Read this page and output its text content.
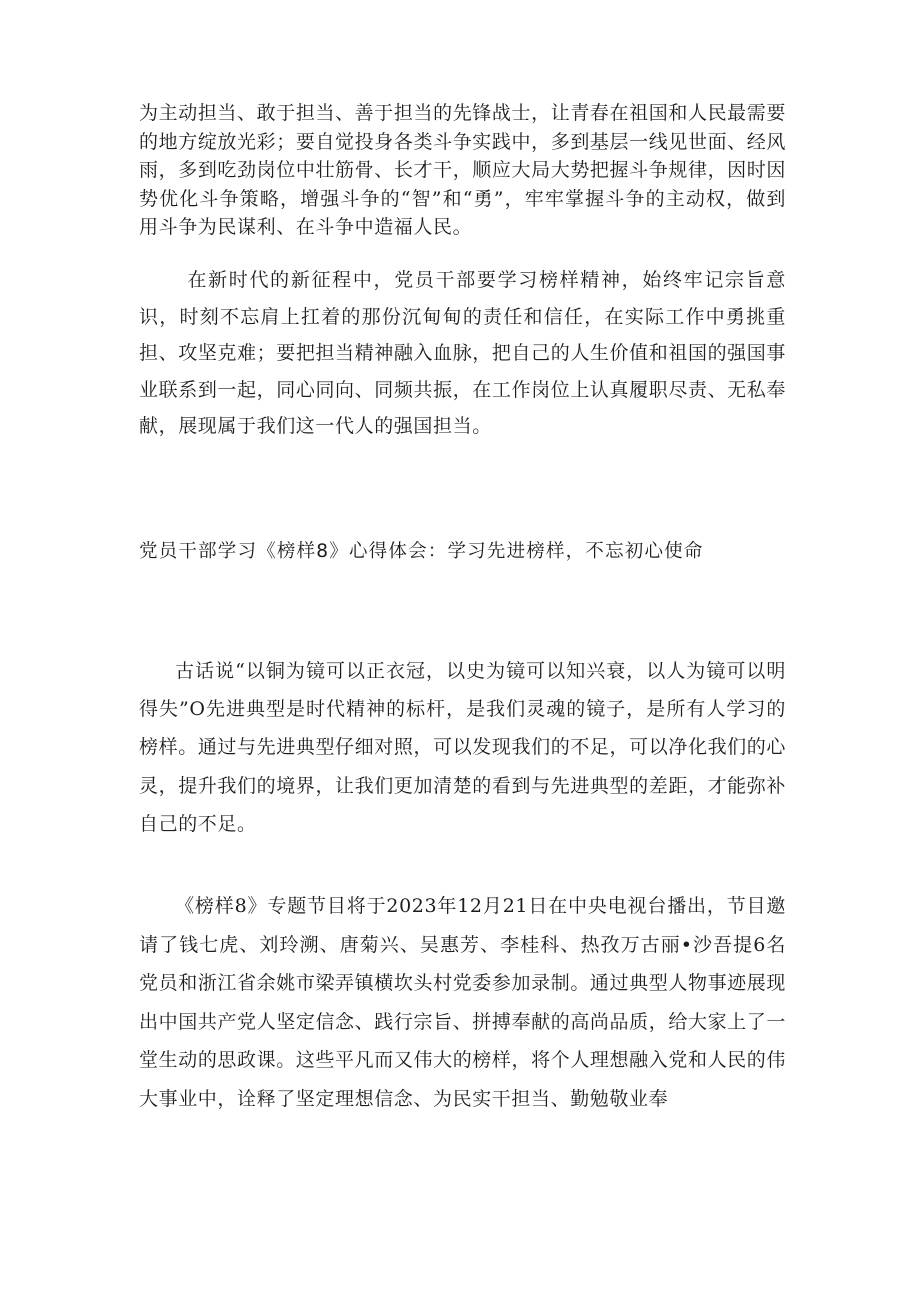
为主动担当、敢于担当、善于担当的先锋战士，让青春在祖国和人民最需要的地方绽放光彩；要自觉投身各类斗争实践中，多到基层一线见世面、经风雨，多到吃劲岗位中壮筋骨、长才干，顺应大局大势把握斗争规律，因时因势优化斗争策略，增强斗争的“智”和“勇”，牢牢掌握斗争的主动权，做到用斗争为民谋利、在斗争中造福人民。

在新时代的新征程中，党员干部要学习榜样精神，始终牢记宗旨意识，时刻不忘肩上扛着的那份沉甸甸的责任和信任，在实际工作中勇挑重担、攻坚克难；要把担当精神融入血脉，把自己的人生价值和祖国的强国事业联系到一起，同心同向、同频共振，在工作岗位上认真履职尽责、无私奉献，展现属于我们这一代人的强国担当。

党员干部学习《榜样8》心得体会：学习先进榜样，不忘初心使命

古话说“以铜为镜可以正衣冠，以史为镜可以知兴衰，以人为镜可以明得失”O先进典型是时代精神的标杆，是我们灵魂的镜子，是所有人学习的榜样。通过与先进典型仔细对照，可以发现我们的不足，可以净化我们的心灵，提升我们的境界，让我们更加清楚的看到与先进典型的差距，才能弥补自己的不足。

《榜样8》专题节目将于2023年12月21日在中央电视台播出，节目邀请了钱七虎、刘玲溯、唐菊兴、吴惠芳、李桂科、热孜万古丽•沙吾提6名党员和浙江省余姚市梁弄镇横坎头村党委参加录制。通过典型人物事迹展现出中国共产党人坚定信念、践行宗旨、拼搏奉献的高尚品质，给大家上了一堂生动的思政课。这些平凡而又伟大的榜样，将个人理想融入党和人民的伟大事业中，诠释了坚定理想信念、为民实干担当、勤勉敬业奉
